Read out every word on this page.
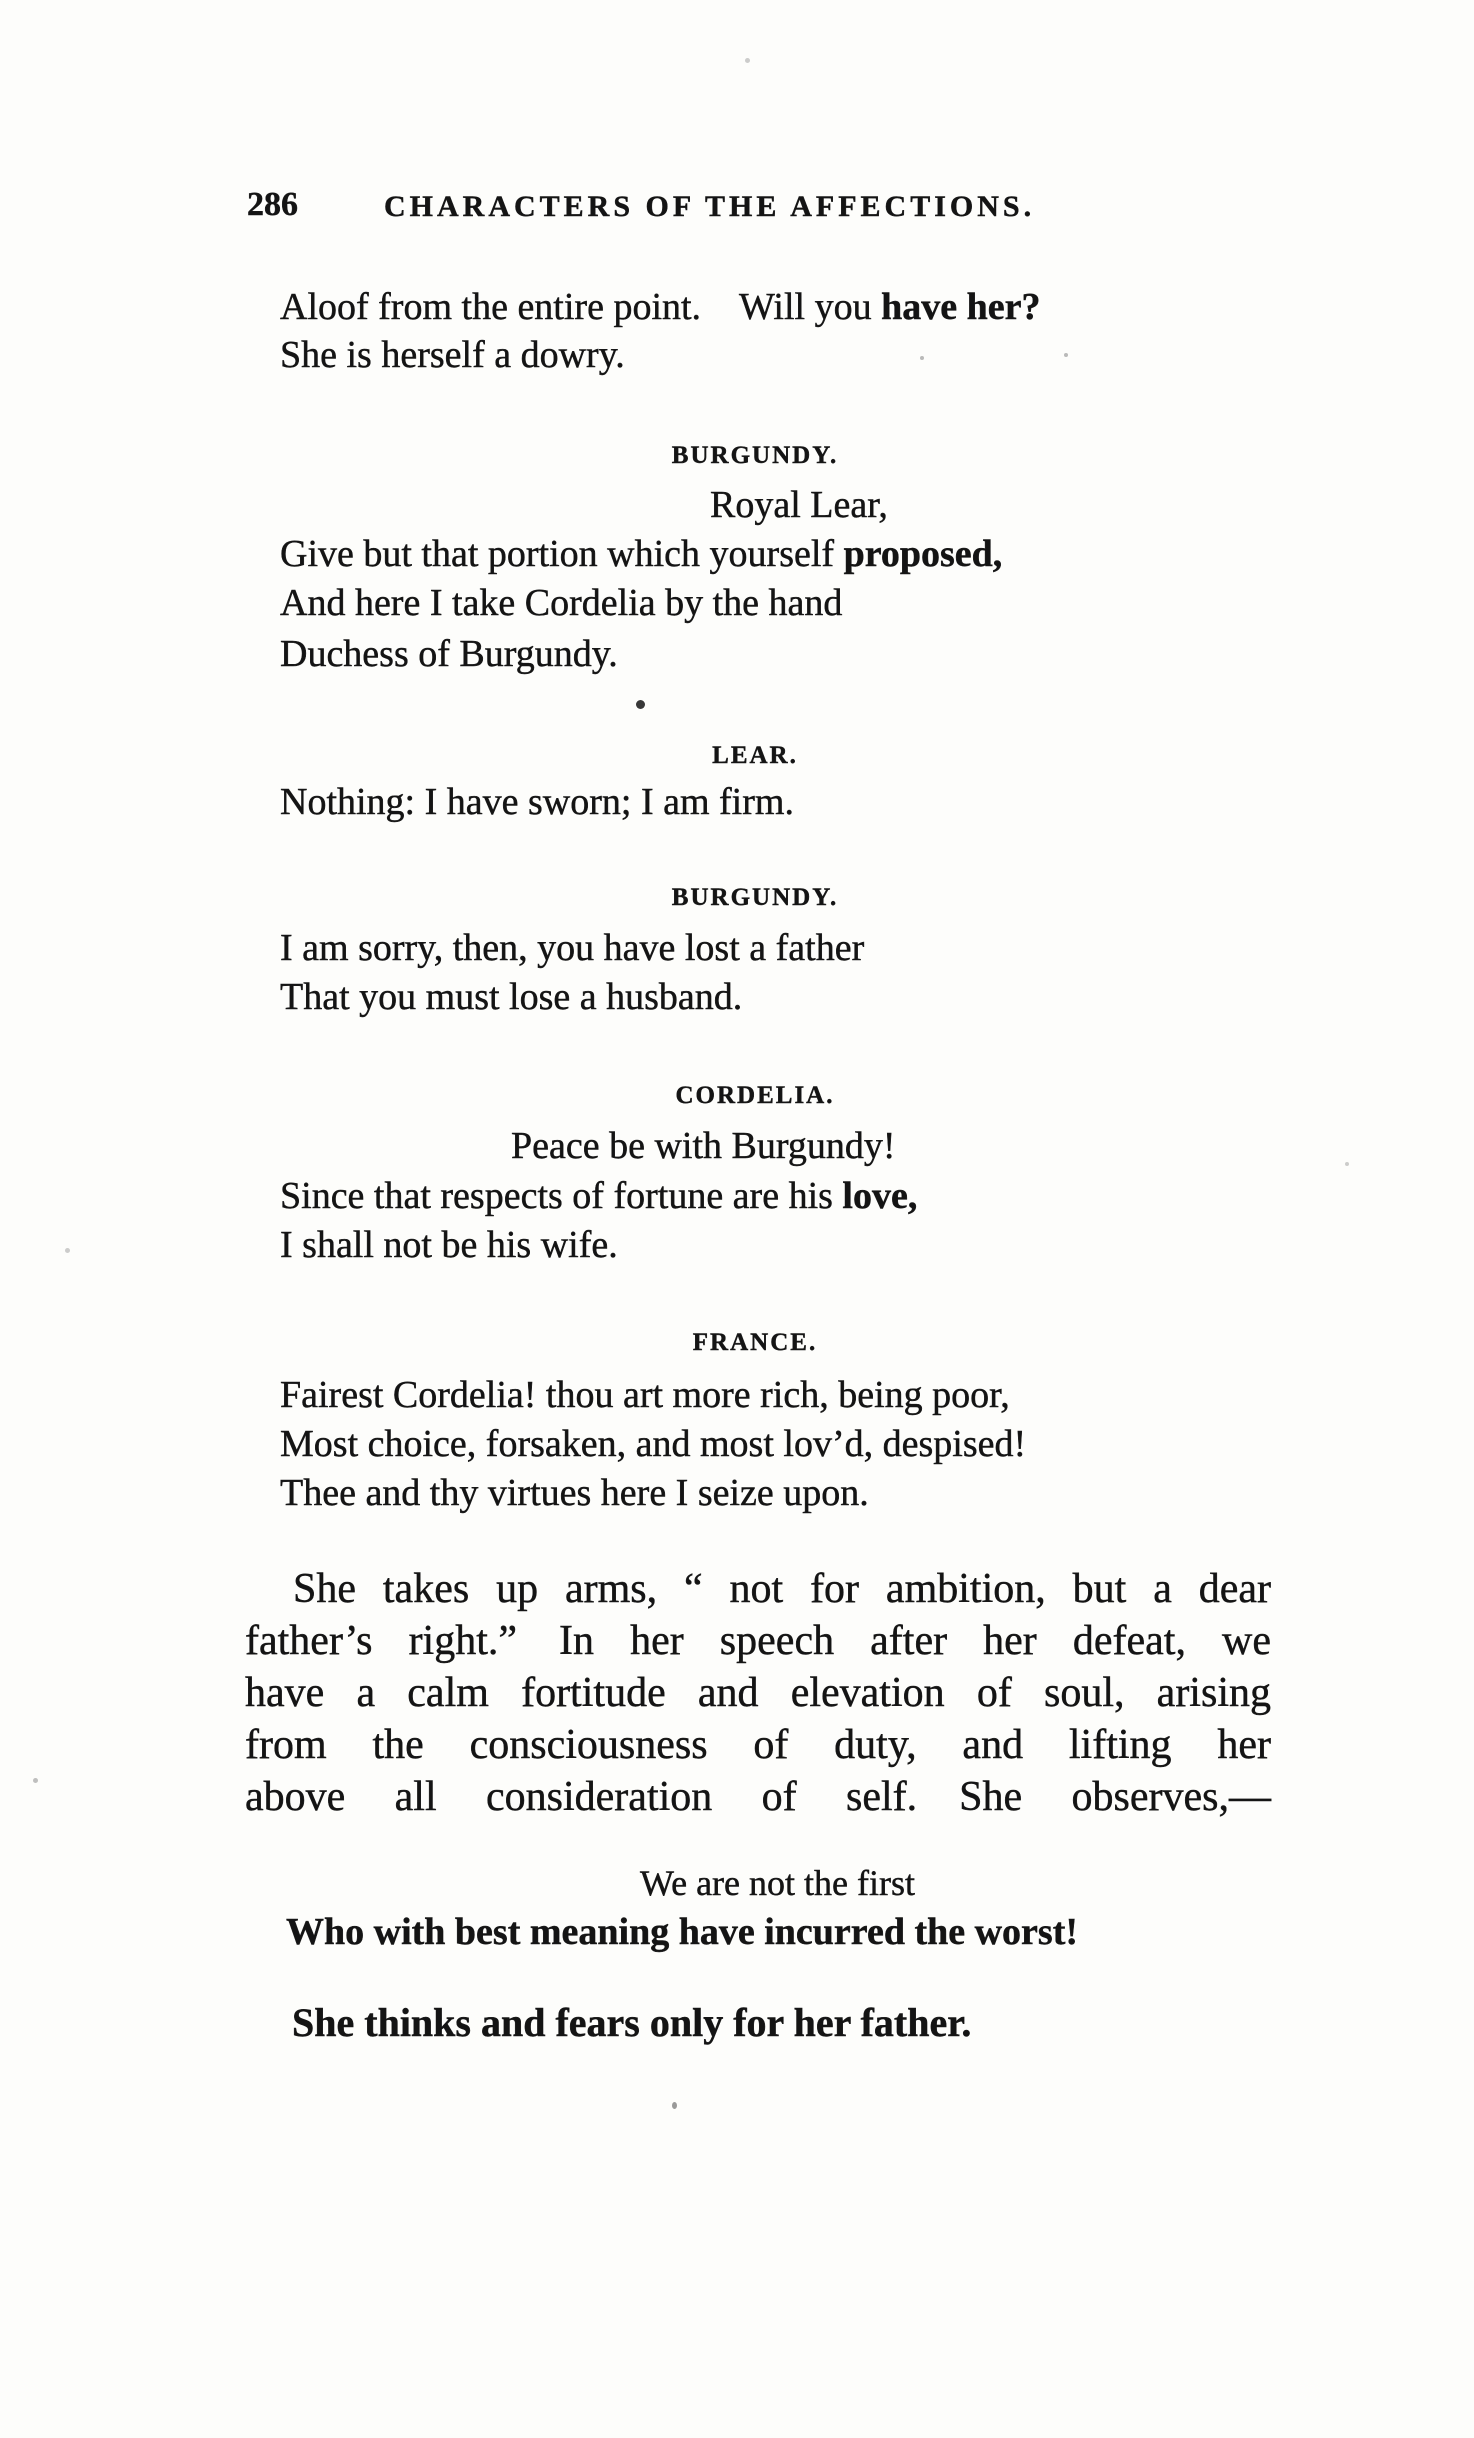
286	CHARACTERS OF THE AFFECTIONS.
Aloof from the entire point.  Will you have her?
She is herself a dowry.
BURGUNDY.
Royal Lear,
Give but that portion which yourself proposed,
And here I take Cordelia by the hand
Duchess of Burgundy.
LEAR.
Nothing: I have sworn; I am firm.
BURGUNDY.
I am sorry, then, you have lost a father
That you must lose a husband.
CORDELIA.
Peace be with Burgundy!
Since that respects of fortune are his love,
I shall not be his wife.
FRANCE.
Fairest Cordelia! thou art more rich, being poor,
Most choice, forsaken, and most lov’d, despised!
Thee and thy virtues here I seize upon.
She takes up arms, “ not for ambition, but a dear
father’s right.”  In her speech after her defeat, we
have a calm fortitude and elevation of soul, arising
from the consciousness of duty, and lifting her
above all consideration of self.  She observes,—
We are not the first
Who with best meaning have incurred the worst!
She thinks and fears only for her father.
